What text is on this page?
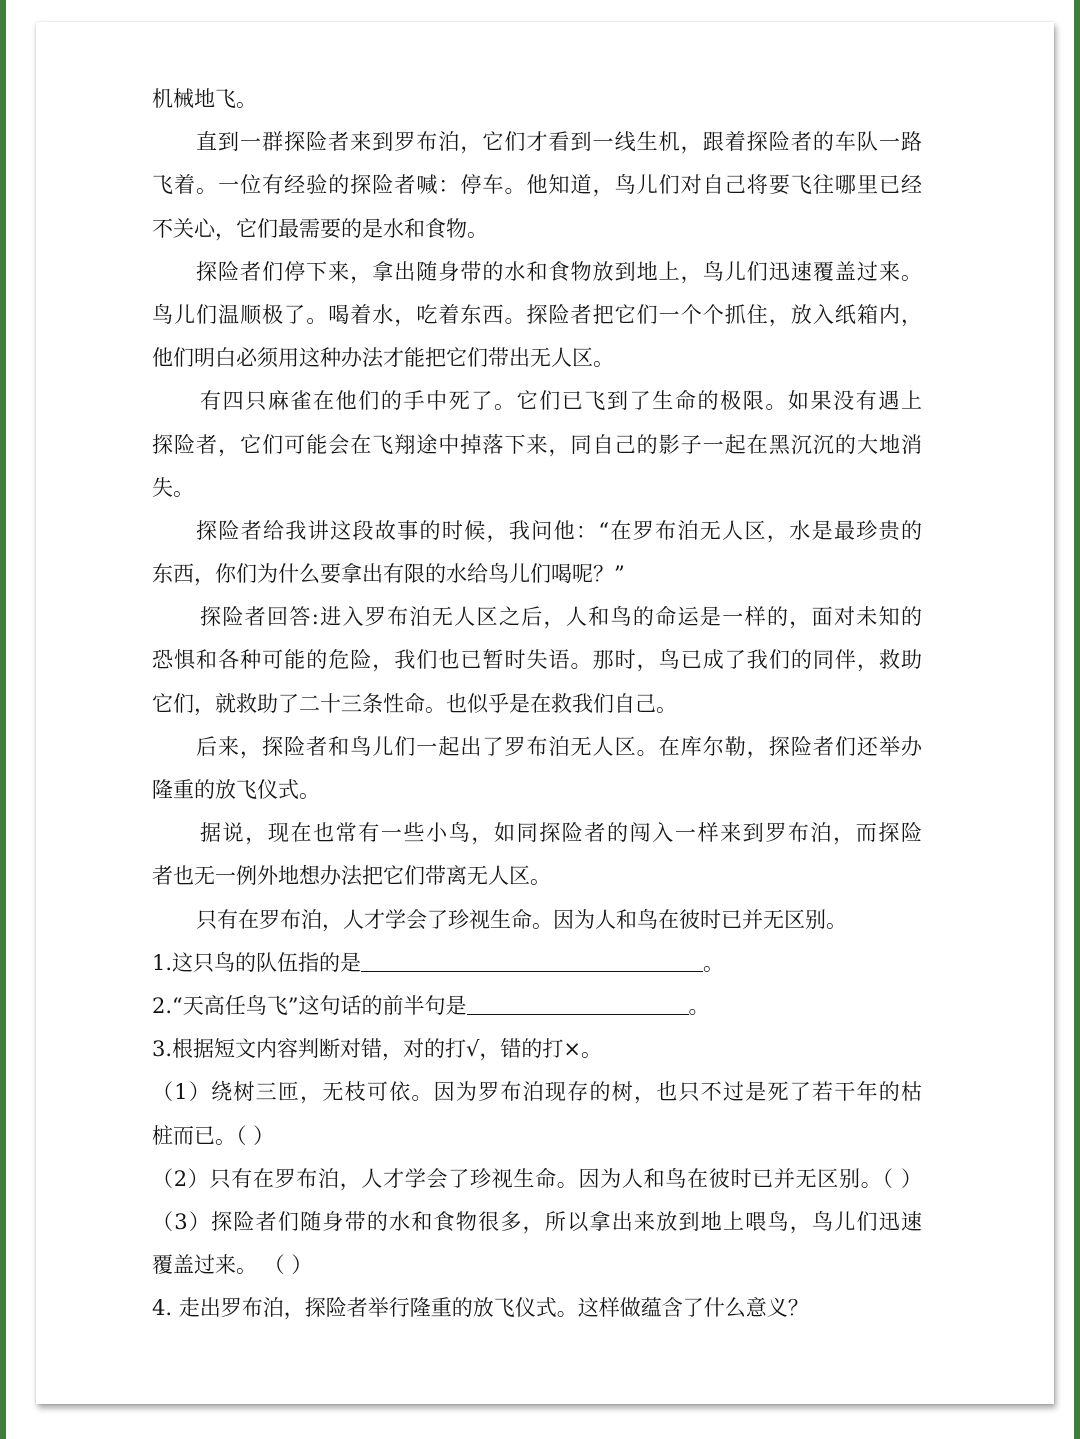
机械地飞。
直到一群探险者来到罗布泊，它们才看到一线生机，跟着探险者的车队一路
飞着。一位有经验的探险者喊：停车。他知道，鸟儿们对自己将要飞往哪里已经
不关心，它们最需要的是水和食物。
探险者们停下来，拿出随身带的水和食物放到地上，鸟儿们迅速覆盖过来。
鸟儿们温顺极了。喝着水，吃着东西。探险者把它们一个个抓住，放入纸箱内，
他们明白必须用这种办法才能把它们带出无人区。
有四只麻雀在他们的手中死了。它们已飞到了生命的极限。如果没有遇上
探险者，它们可能会在飞翔途中掉落下来，同自己的影子一起在黑沉沉的大地消
失。
探险者给我讲这段故事的时候，我问他：“在罗布泊无人区，水是最珍贵的
东西，你们为什么要拿出有限的水给鸟儿们喝呢？”
探险者回答:进入罗布泊无人区之后，人和鸟的命运是一样的，面对未知的
恐惧和各种可能的危险，我们也已暂时失语。那时，鸟已成了我们的同伴，救助
它们，就救助了二十三条性命。也似乎是在救我们自己。
后来，探险者和鸟儿们一起出了罗布泊无人区。在库尔勒，探险者们还举办
隆重的放飞仪式。
据说，现在也常有一些小鸟，如同探险者的闯入一样来到罗布泊，而探险
者也无一例外地想办法把它们带离无人区。
只有在罗布泊，人才学会了珍视生命。因为人和鸟在彼时已并无区别。
1.这只鸟的队伍指的是	。
2.“天高任鸟飞”这句话的前半句是	。
3.根据短文内容判断对错，对的打√，错的打×。
（1）绕树三匝，无枝可依。因为罗布泊现存的树，也只不过是死了若干年的枯
桩而已。（ ）
（2）只有在罗布泊，人才学会了珍视生命。因为人和鸟在彼时已并无区别。（ ）
（3）探险者们随身带的水和食物很多，所以拿出来放到地上喂鸟，鸟儿们迅速
覆盖过来。 （ ）
4. 走出罗布泊，探险者举行隆重的放飞仪式。这样做蕴含了什么意义？
